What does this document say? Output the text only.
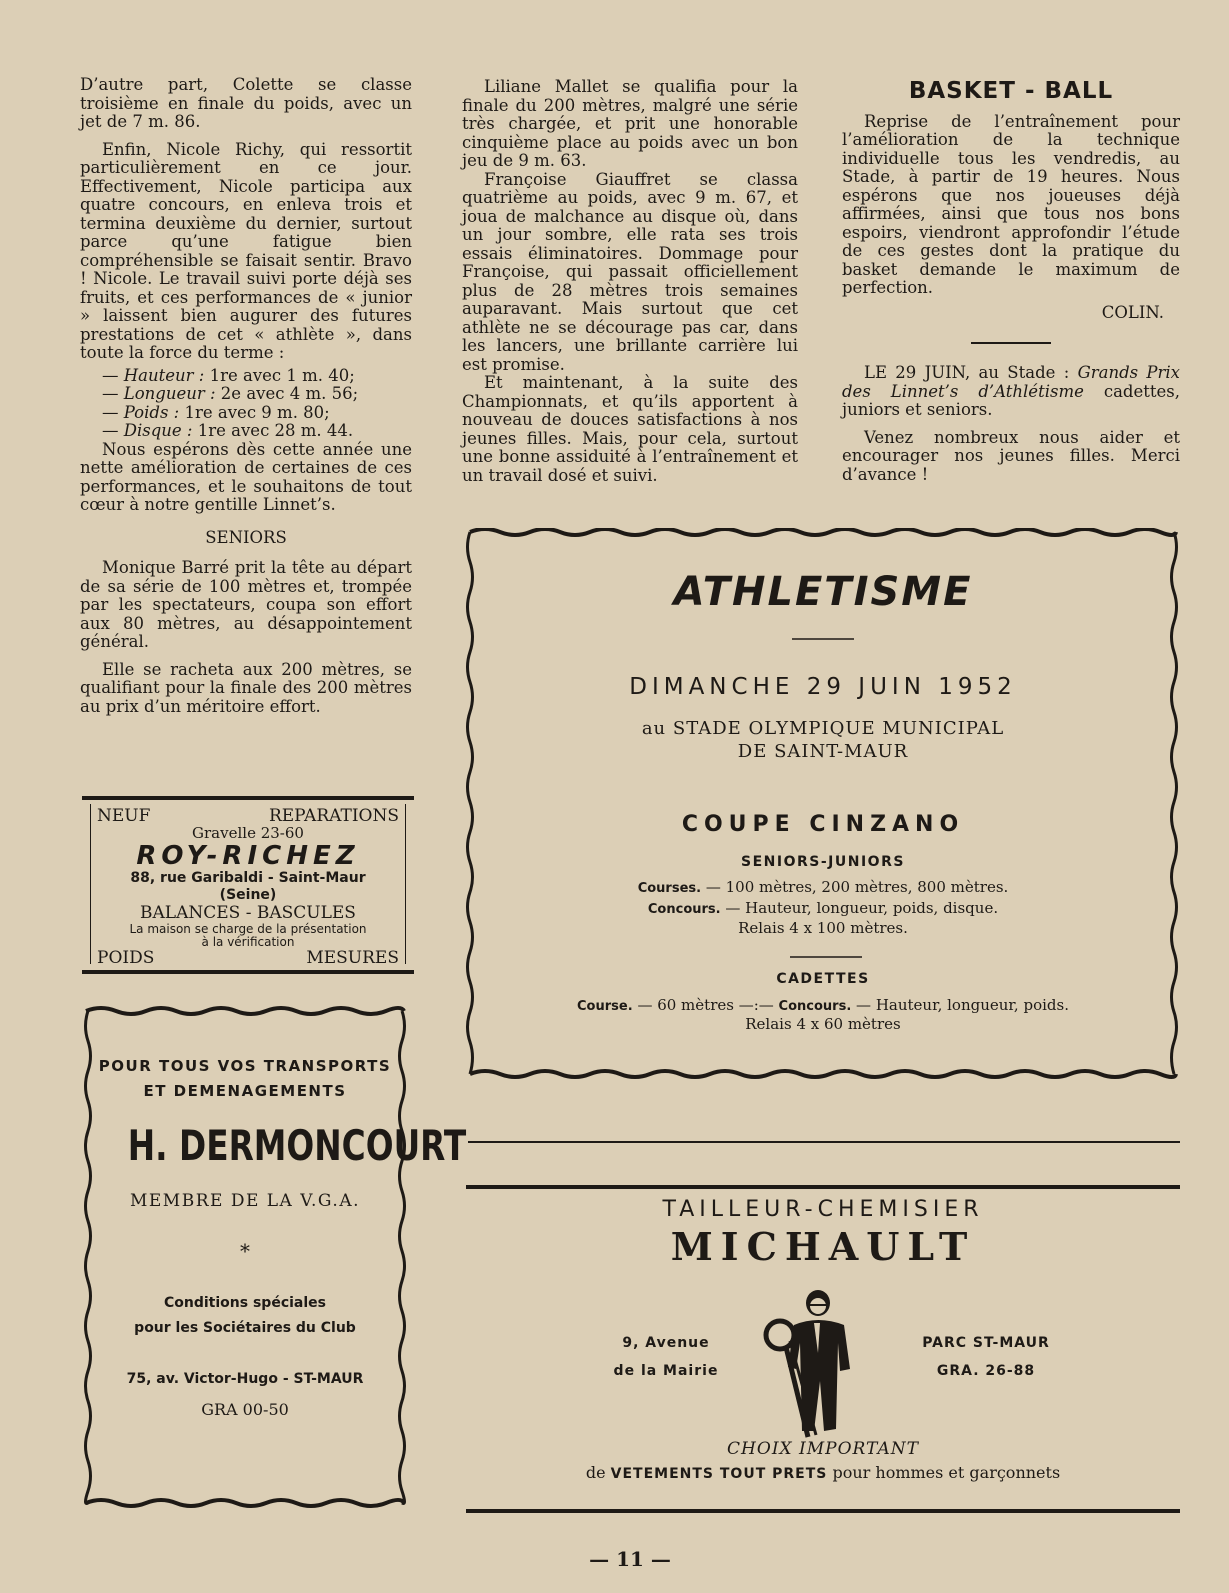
D’autre part, Colette se classe troisième en finale du poids, avec un jet de 7 m. 86.

Enfin, Nicole Richy, qui ressortit particulièrement en ce jour. Effectivement, Nicole participa aux quatre concours, en enleva trois et termina deuxième du dernier, surtout parce qu’une fatigue bien compréhensible se faisait sentir. Bravo ! Nicole. Le travail suivi porte déjà ses fruits, et ces performances de « junior » laissent bien augurer des futures prestations de cet « athlète », dans toute la force du terme :

— Hauteur : 1re avec 1 m. 40;
— Longueur : 2e avec 4 m. 56;
— Poids : 1re avec 9 m. 80;
— Disque : 1re avec 28 m. 44.

Nous espérons dès cette année une nette amélioration de certaines de ces performances, et le souhaitons de tout cœur à notre gentille Linnet’s.

SENIORS

Monique Barré prit la tête au départ de sa série de 100 mètres et, trompée par les spectateurs, coupa son effort aux 80 mètres, au désappointement général.

Elle se racheta aux 200 mètres, se qualifiant pour la finale des 200 mètres au prix d’un méritoire effort.

Liliane Mallet se qualifia pour la finale du 200 mètres, malgré une série très chargée, et prit une honorable cinquième place au poids avec un bon jeu de 9 m. 63.

Françoise Giauffret se classa quatrième au poids, avec 9 m. 67, et joua de malchance au disque où, dans un jour sombre, elle rata ses trois essais éliminatoires. Dommage pour Françoise, qui passait officiellement plus de 28 mètres trois semaines auparavant. Mais surtout que cet athlète ne se décourage pas car, dans les lancers, une brillante carrière lui est promise.

Et maintenant, à la suite des Championnats, et qu’ils apportent à nouveau de douces satisfactions à nos jeunes filles. Mais, pour cela, surtout une bonne assiduité à l’entraînement et un travail dosé et suivi.

BASKET - BALL

Reprise de l’entraînement pour l’amélioration de la technique individuelle tous les vendredis, au Stade, à partir de 19 heures. Nous espérons que nos joueuses déjà affirmées, ainsi que tous nos bons espoirs, viendront approfondir l’étude de ces gestes dont la pratique du basket demande le maximum de perfection.

COLIN.

LE 29 JUIN, au Stade : Grands Prix des Linnet’s d’Athlétisme cadettes, juniors et seniors.

Venez nombreux nous aider et encourager nos jeunes filles. Merci d’avance !

NEUF	REPARATIONS
Gravelle 23-60
ROY-RICHEZ
88, rue Garibaldi - Saint-Maur
(Seine)
BALANCES - BASCULES
La maison se charge de la présentation
à la vérification
POIDS	MESURES
POUR TOUS VOS TRANSPORTS
ET DEMENAGEMENTS
H. DERMONCOURT
MEMBRE DE LA V.G.A.
*
Conditions spéciales
pour les Sociétaires du Club
75, av. Victor-Hugo - ST-MAUR
GRA 00-50
ATHLETISME
DIMANCHE 29 JUIN 1952
au STADE OLYMPIQUE MUNICIPAL
DE SAINT-MAUR
COUPE CINZANO
SENIORS-JUNIORS
Courses. — 100 mètres, 200 mètres, 800 mètres.
Concours. — Hauteur, longueur, poids, disque.
Relais 4 x 100 mètres.
CADETTES
Course. — 60 mètres —:— Concours. — Hauteur, longueur, poids.
Relais 4 x 60 mètres
TAILLEUR-CHEMISIER
MICHAULT
9, Avenue
de la Mairie
PARC ST-MAUR
GRA. 26-88
CHOIX IMPORTANT
de VETEMENTS TOUT PRETS pour hommes et garçonnets
— 11 —
